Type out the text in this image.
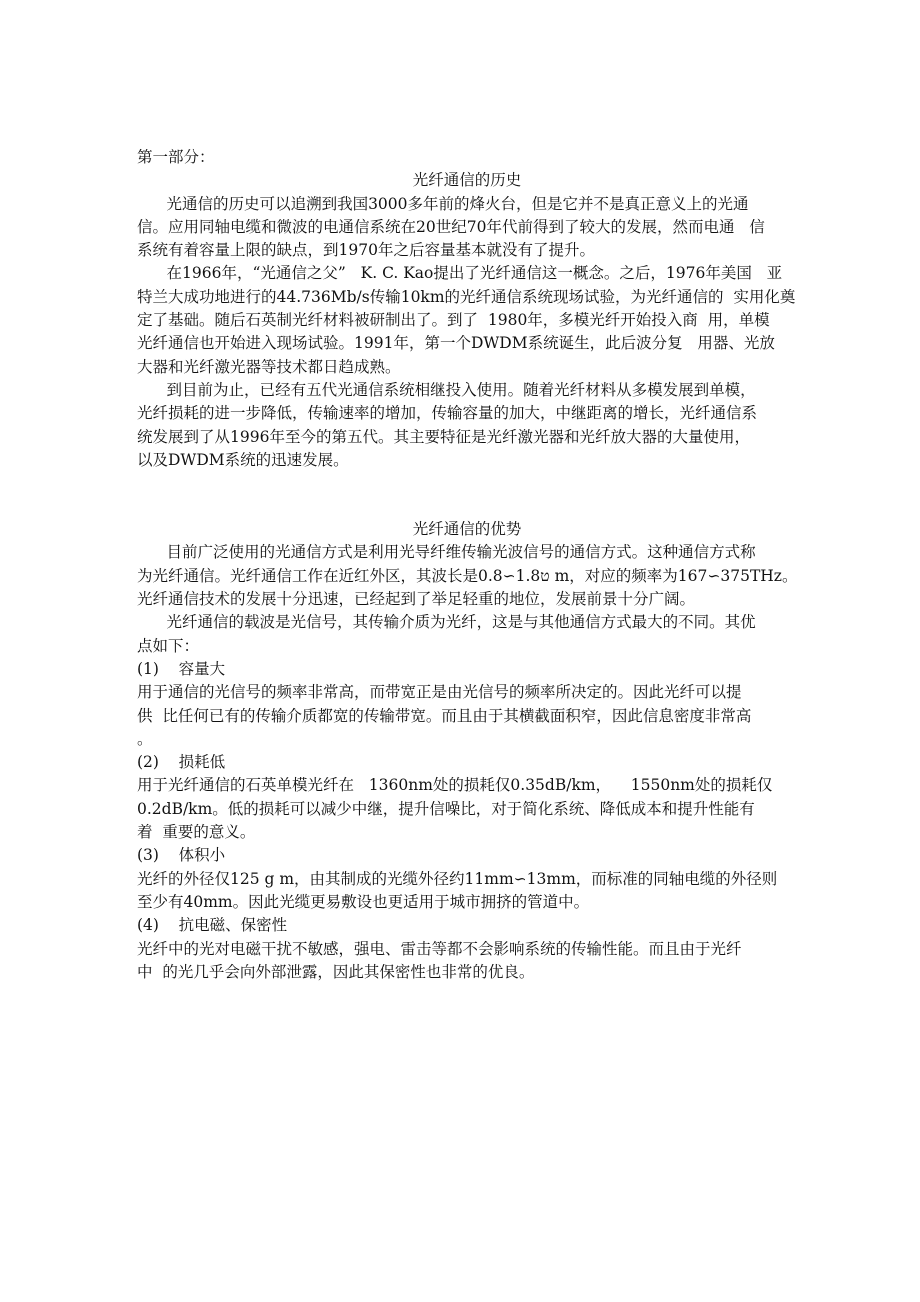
第一部分：
光纤通信的历史
光通信的历史可以追溯到我国3000多年前的烽火台，但是它并不是真正意义上的光通
信。应用同轴电缆和微波的电通信系统在20世纪70年代前得到了较大的发展，然而电通   信
系统有着容量上限的缺点，到1970年之后容量基本就没有了提升。
在1966年，“光通信之父”   K. C. Kao提出了光纤通信这一概念。之后，1976年美国   亚
特兰大成功地进行的44.736Mb/s传输10km的光纤通信系统现场试验，为光纤通信的  实用化奠
定了基础。随后石英制光纤材料被研制出了。到了  1980年，多模光纤开始投入商  用，单模
光纤通信也开始进入现场试验。1991年，第一个DWDM系统诞生，此后波分复   用器、光放
大器和光纤激光器等技术都日趋成熟。
到目前为止，已经有五代光通信系统相继投入使用。随着光纤材料从多模发展到单模，
光纤损耗的进一步降低，传输速率的增加，传输容量的加大，中继距离的增长，光纤通信系
统发展到了从1996年至今的第五代。其主要特征是光纤激光器和光纤放大器的大量使用，
以及DWDM系统的迅速发展。
光纤通信的优势
目前广泛使用的光通信方式是利用光导纤维传输光波信号的通信方式。这种通信方式称
为光纤通信。光纤通信工作在近红外区，其波长是0.8∽1.8ט m，对应的频率为167∽375THz。
光纤通信技术的发展十分迅速，已经起到了举足轻重的地位，发展前景十分广阔。
光纤通信的载波是光信号，其传输介质为光纤，这是与其他通信方式最大的不同。其优
点如下：
(1)    容量大
用于通信的光信号的频率非常高，而带宽正是由光信号的频率所决定的。因此光纤可以提
供  比任何已有的传输介质都宽的传输带宽。而且由于其横截面积窄，因此信息密度非常高
。
(2)    损耗低
用于光纤通信的石英单模光纤在   1360nm处的损耗仅0.35dB/km，    1550nm处的损耗仅
0.2dB/km。低的损耗可以减少中继，提升信噪比，对于简化系统、降低成本和提升性能有
着  重要的意义。
(3)    体积小
光纤的外径仅125 g m，由其制成的光缆外径约11mm∽13mm，而标准的同轴电缆的外径则
至少有40mm。因此光缆更易敷设也更适用于城市拥挤的管道中。
(4)    抗电磁、保密性
光纤中的光对电磁干扰不敏感，强电、雷击等都不会影响系统的传输性能。而且由于光纤
中  的光几乎会向外部泄露，因此其保密性也非常的优良。
